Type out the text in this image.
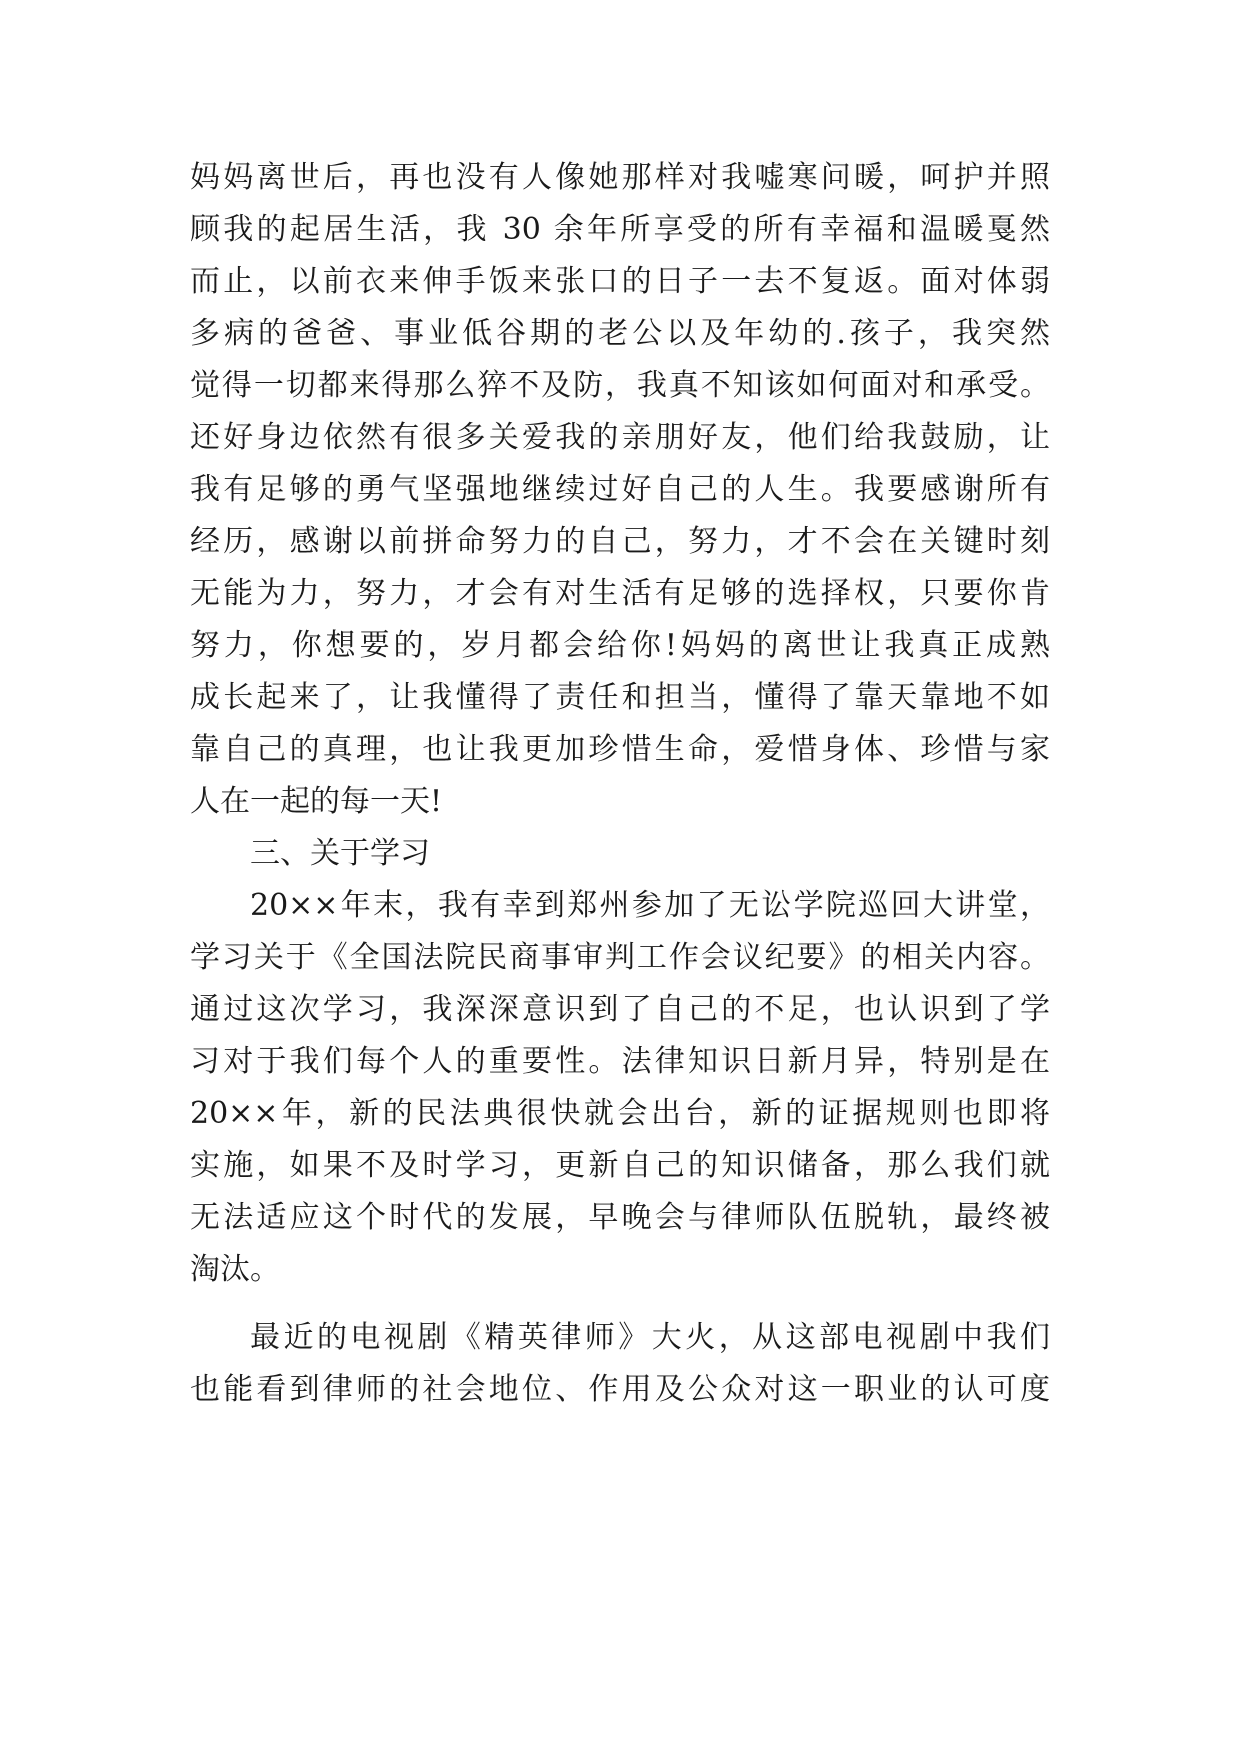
妈妈离世后，再也没有人像她那样对我嘘寒问暖，呵护并照
顾我的起居生活，我 30 余年所享受的所有幸福和温暖戛然
而止，以前衣来伸手饭来张口的日子一去不复返。面对体弱
多病的爸爸、事业低谷期的老公以及年幼的.孩子，我突然
觉得一切都来得那么猝不及防，我真不知该如何面对和承受。
还好身边依然有很多关爱我的亲朋好友，他们给我鼓励，让
我有足够的勇气坚强地继续过好自己的人生。我要感谢所有
经历，感谢以前拼命努力的自己，努力，才不会在关键时刻
无能为力，努力，才会有对生活有足够的选择权，只要你肯
努力，你想要的，岁月都会给你!妈妈的离世让我真正成熟
成长起来了，让我懂得了责任和担当，懂得了靠天靠地不如
靠自己的真理，也让我更加珍惜生命，爱惜身体、珍惜与家
人在一起的每一天!
三、关于学习
20××年末，我有幸到郑州参加了无讼学院巡回大讲堂，
学习关于《全国法院民商事审判工作会议纪要》的相关内容。
通过这次学习，我深深意识到了自己的不足，也认识到了学
习对于我们每个人的重要性。法律知识日新月异，特别是在
20××年，新的民法典很快就会出台，新的证据规则也即将
实施，如果不及时学习，更新自己的知识储备，那么我们就
无法适应这个时代的发展，早晚会与律师队伍脱轨，最终被
淘汰。
最近的电视剧《精英律师》大火，从这部电视剧中我们
也能看到律师的社会地位、作用及公众对这一职业的认可度
